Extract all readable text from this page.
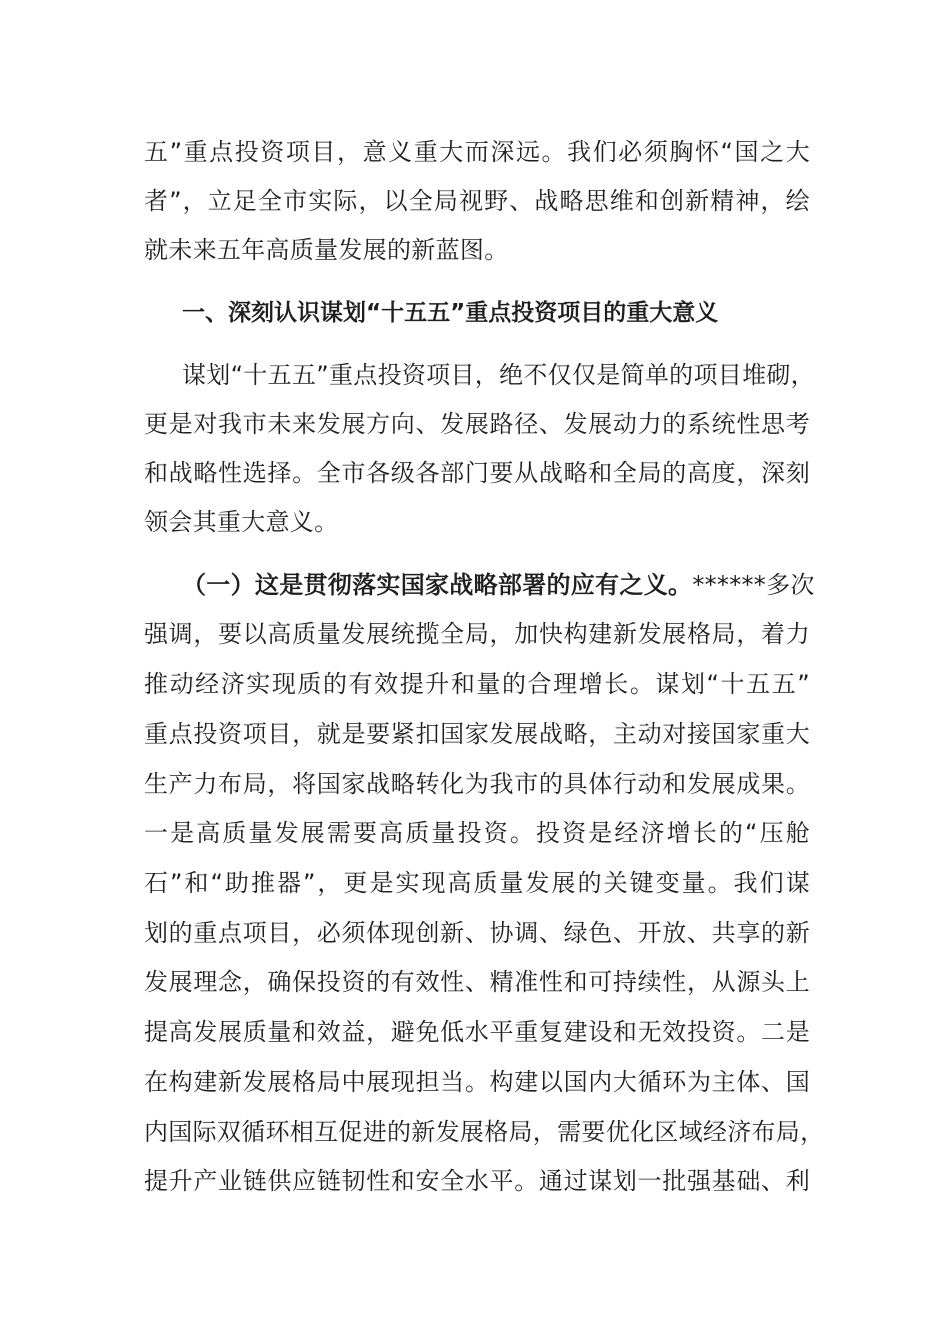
五”重点投资项目，意义重大而深远。我们必须胸怀“国之大
者”，立足全市实际，以全局视野、战略思维和创新精神，绘
就未来五年高质量发展的新蓝图。
一、深刻认识谋划“十五五”重点投资项目的重大意义
谋划“十五五”重点投资项目，绝不仅仅是简单的项目堆砌，
更是对我市未来发展方向、发展路径、发展动力的系统性思考
和战略性选择。全市各级各部门要从战略和全局的高度，深刻
领会其重大意义。
（一）这是贯彻落实国家战略部署的应有之义。******多次
强调，要以高质量发展统揽全局，加快构建新发展格局，着力
推动经济实现质的有效提升和量的合理增长。谋划“十五五”
重点投资项目，就是要紧扣国家发展战略，主动对接国家重大
生产力布局，将国家战略转化为我市的具体行动和发展成果。
一是高质量发展需要高质量投资。投资是经济增长的“压舱
石”和“助推器”，更是实现高质量发展的关键变量。我们谋
划的重点项目，必须体现创新、协调、绿色、开放、共享的新
发展理念，确保投资的有效性、精准性和可持续性，从源头上
提高发展质量和效益，避免低水平重复建设和无效投资。二是
在构建新发展格局中展现担当。构建以国内大循环为主体、国
内国际双循环相互促进的新发展格局，需要优化区域经济布局，
提升产业链供应链韧性和安全水平。通过谋划一批强基础、利
